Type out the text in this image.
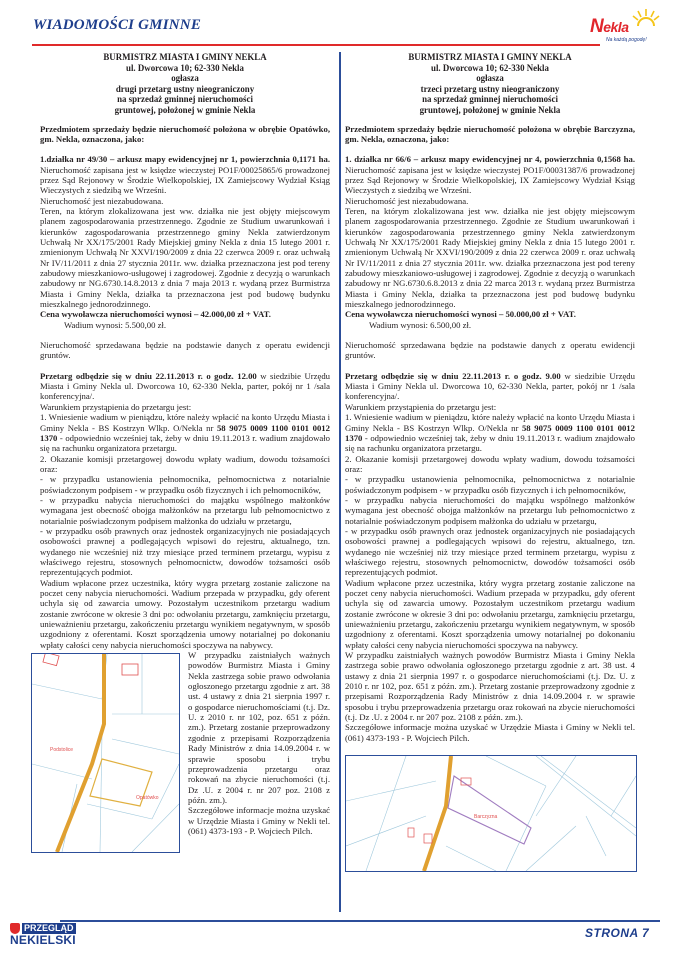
WIADOMOŚCI GMINNE	Nekla
Na każdą pogodę!
BURMISTRZ MIASTA I GMINY NEKLA
ul. Dworcowa 10; 62-330 Nekla
ogłasza
drugi przetarg ustny nieograniczony
na sprzedaż gminnej nieruchomości
gruntowej, położonej w gminie Nekla

Przedmiotem sprzedaży będzie nieruchomość położona w obrębie Opatówko, gm. Nekla, oznaczona, jako:

1.działka nr 49/30 – arkusz mapy ewidencyjnej nr 1, powierzchnia 0,1171 ha. Nieruchomość zapisana jest w księdze wieczystej PO1F/00025865/6 prowadzonej przez Sąd Rejonowy w Środzie Wielkopolskiej, IX Zamiejscowy Wydział Ksiąg Wieczystych z siedzibą we Wrześni.

Nieruchomość jest niezabudowana.

Teren, na którym zlokalizowana jest ww. działka nie jest objęty miejscowym planem zagospodarowania przestrzennego. Zgodnie ze Studium uwarunkowań i kierunków zagospodarowania przestrzennego gminy Nekla zatwierdzonym Uchwałą Nr XX/175/2001 Rady Miejskiej gminy Nekla z dnia 15 lutego 2001 r. zmienionym Uchwałą Nr XXVI/190/2009 z dnia 22 czerwca 2009 r. oraz uchwałą Nr IV/11/2011 z dnia 27 stycznia 2011r. ww. działka przeznaczona jest pod tereny zabudowy mieszkaniowo-usługowej i zagrodowej. Zgodnie z decyzją o warunkach zabudowy nr NG.6730.14.8.2013 z dnia 7 maja 2013 r. wydaną przez Burmistrza Miasta i Gminy Nekla, działka ta przeznaczona jest pod budowę budynku mieszkalnego jednorodzinnego.

Cena wywoławcza nieruchomości wynosi – 42.000,00 zł + VAT.

Wadium wynosi: 5.500,00 zł.

Nieruchomość sprzedawana będzie na podstawie danych z operatu ewidencji gruntów.

Przetarg odbędzie się w dniu 22.11.2013 r. o godz. 12.00 w siedzibie Urzędu Miasta i Gminy Nekla ul. Dworcowa 10, 62-330 Nekla, parter, pokój nr 1 /sala konferencyjna/.

Warunkiem przystąpienia do przetargu jest:

1. Wniesienie wadium w pieniądzu, które należy wpłacić na konto Urzędu Miasta i Gminy Nekla - BS Kostrzyn Wlkp. O/Nekla nr 58 9075 0009 1100 0101 0012 1370 - odpowiednio wcześniej tak, żeby w dniu 19.11.2013 r. wadium znajdowało się na rachunku organizatora przetargu.

2. Okazanie komisji przetargowej dowodu wpłaty wadium, dowodu tożsamości oraz:

- w przypadku ustanowienia pełnomocnika, pełnomocnictwa z notarialnie poświadczonym podpisem - w przypadku osób fizycznych i ich pełnomocników,

- w przypadku nabycia nieruchomości do majątku wspólnego małżonków wymagana jest obecność obojga małżonków na przetargu lub pełnomocnictwo z notarialnie poświadczonym podpisem małżonka do udziału w przetargu,

- w przypadku osób prawnych oraz jednostek organizacyjnych nie posiadających osobowości prawnej a podlegających wpisowi do rejestru, aktualnego, tzn. wydanego nie wcześniej niż trzy miesiące przed terminem przetargu, wypisu z właściwego rejestru, stosownych pełnomocnictw, dowodów tożsamości osób reprezentujących podmiot.

Wadium wpłacone przez uczestnika, który wygra przetarg zostanie zaliczone na poczet ceny nabycia nieruchomości. Wadium przepada w przypadku, gdy oferent uchyla się od zawarcia umowy. Pozostałym uczestnikom przetargu wadium zostanie zwrócone w okresie 3 dni po: odwołaniu przetargu, zamknięciu przetargu, unieważnieniu przetargu, zakończeniu przetargu wynikiem negatywnym, w sposób uzgodniony z oferentami. Koszt sporządzenia umowy notarialnej po dokonaniu wpłaty całości ceny nabycia nieruchomości spoczywa na nabywcy.

Podstolice
Opatówko

W przypadku zaistniałych ważnych powodów Burmistrz Miasta i Gminy Nekla zastrzega sobie prawo odwołania ogłoszonego przetargu zgodnie z art. 38 ust. 4 ustawy z dnia 21 sierpnia 1997 r. o gospodarce nieruchomościami (t.j. Dz. U. z 2010 r. nr 102, poz. 651 z późn. zm.). Przetarg zostanie przeprowadzony zgodnie z przepisami Rozporządzenia Rady Ministrów z dnia 14.09.2004 r. w sprawie sposobu i trybu przeprowadzenia przetargu oraz rokowań na zbycie nieruchomości (t.j. Dz .U. z 2004 r. nr 207 poz. 2108 z późn. zm.).

Szczegółowe informacje można uzyskać w Urzędzie Miasta i Gminy w Nekli tel. (061) 4373-193 - P. Wojciech Pilch.

BURMISTRZ MIASTA I GMINY NEKLA
ul. Dworcowa 10; 62-330 Nekla
ogłasza
trzeci przetarg ustny nieograniczony
na sprzedaż gminnej nieruchomości
gruntowej, położonej w gminie Nekla

Przedmiotem sprzedaży będzie nieruchomość położona w obrębie Barczyzna, gm. Nekla, oznaczona, jako:

1. działka nr 66/6 – arkusz mapy ewidencyjnej nr 4, powierzchnia 0,1568 ha. Nieruchomość zapisana jest w księdze wieczystej PO1F/00031387/6 prowadzonej przez Sąd Rejonowy w Środzie Wielkopolskiej, IX Zamiejscowy Wydział Ksiąg Wieczystych z siedzibą we Wrześni.

Nieruchomość jest niezabudowana.

Teren, na którym zlokalizowana jest ww. działka nie jest objęty miejscowym planem zagospodarowania przestrzennego. Zgodnie ze Studium uwarunkowań i kierunków zagospodarowania przestrzennego gminy Nekla zatwierdzonym Uchwałą Nr XX/175/2001 Rady Miejskiej gminy Nekla z dnia 15 lutego 2001 r. zmienionym Uchwałą Nr XXVI/190/2009 z dnia 22 czerwca 2009 r. oraz uchwałą Nr IV/11/2011 z dnia 27 stycznia 2011r. ww. działka przeznaczona jest pod tereny zabudowy mieszkaniowo-usługowej i zagrodowej. Zgodnie z decyzją o warunkach zabudowy nr NG.6730.6.8.2013 z dnia 22 marca 2013 r. wydaną przez Burmistrza Miasta i Gminy Nekla, działka ta przeznaczona jest pod budowę budynku mieszkalnego jednorodzinnego.

Cena wywoławcza nieruchomości wynosi – 50.000,00 zł + VAT.

Wadium wynosi: 6.500,00 zł.

Nieruchomość sprzedawana będzie na podstawie danych z operatu ewidencji gruntów.

Przetarg odbędzie się w dniu 22.11.2013 r. o godz. 9.00 w siedzibie Urzędu Miasta i Gminy Nekla ul. Dworcowa 10, 62-330 Nekla, parter, pokój nr 1 /sala konferencyjna/.

Warunkiem przystąpienia do przetargu jest:

1. Wniesienie wadium w pieniądzu, które należy wpłacić na konto Urzędu Miasta i Gminy Nekla - BS Kostrzyn Wlkp. O/Nekla nr 58 9075 0009 1100 0101 0012 1370 - odpowiednio wcześniej tak, żeby w dniu 19.11.2013 r. wadium znajdowało się na rachunku organizatora przetargu.

2. Okazanie komisji przetargowej dowodu wpłaty wadium, dowodu tożsamości oraz:

- w przypadku ustanowienia pełnomocnika, pełnomocnictwa z notarialnie poświadczonym podpisem - w przypadku osób fizycznych i ich pełnomocników,

- w przypadku nabycia nieruchomości do majątku wspólnego małżonków wymagana jest obecność obojga małżonków na przetargu lub pełnomocnictwo z notarialnie poświadczonym podpisem małżonka do udziału w przetargu,

- w przypadku osób prawnych oraz jednostek organizacyjnych nie posiadających osobowości prawnej a podlegających wpisowi do rejestru, aktualnego, tzn. wydanego nie wcześniej niż trzy miesiące przed terminem przetargu, wypisu z właściwego rejestru, stosownych pełnomocnictw, dowodów tożsamości osób reprezentujących podmiot.

Wadium wpłacone przez uczestnika, który wygra przetarg zostanie zaliczone na poczet ceny nabycia nieruchomości. Wadium przepada w przypadku, gdy oferent uchyla się od zawarcia umowy. Pozostałym uczestnikom przetargu wadium zostanie zwrócone w okresie 3 dni po: odwołaniu przetargu, zamknięciu przetargu, unieważnieniu przetargu, zakończeniu przetargu wynikiem negatywnym, w sposób uzgodniony z oferentami. Koszt sporządzenia umowy notarialnej po dokonaniu wpłaty całości ceny nabycia nieruchomości spoczywa na nabywcy.

W przypadku zaistniałych ważnych powodów Burmistrz Miasta i Gminy Nekla zastrzega sobie prawo odwołania ogłoszonego przetargu zgodnie z art. 38 ust. 4 ustawy z dnia 21 sierpnia 1997 r. o gospodarce nieruchomościami (t.j. Dz. U. z 2010 r. nr 102, poz. 651 z późn. zm.). Przetarg zostanie przeprowadzony zgodnie z przepisami Rozporządzenia Rady Ministrów z dnia 14.09.2004 r. w sprawie sposobu i trybu przeprowadzenia przetargu oraz rokowań na zbycie nieruchomości (t.j. Dz .U. z 2004 r. nr 207 poz. 2108 z późn. zm.).

Szczegółowe informacje można uzyskać w Urzędzie Miasta i Gminy w Nekli tel. (061) 4373-193 - P. Wojciech Pilch.

Barczyzna
PRZEGLĄD
NEKIELSKI	STRONA 7
